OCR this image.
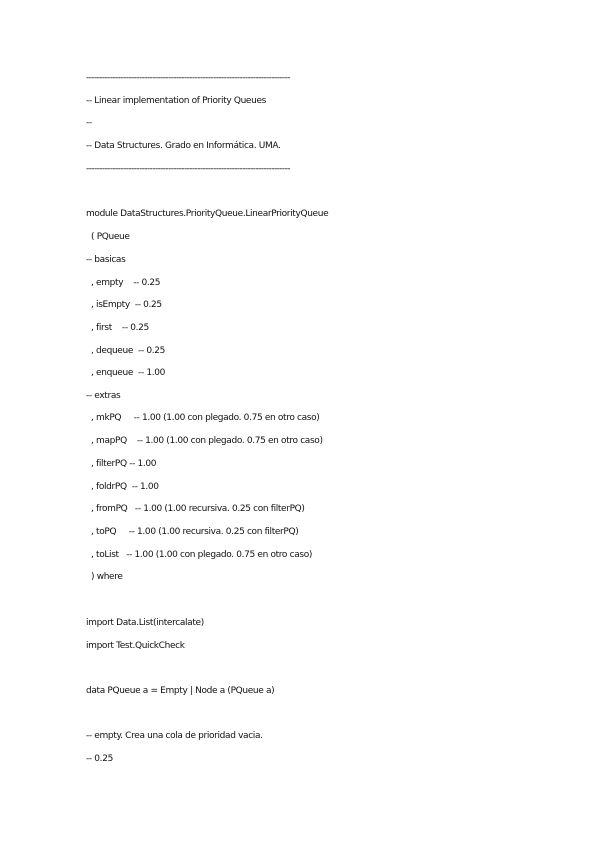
-----------------------------------------------------------------------------

-- Linear implementation of Priority Queues

--

-- Data Structures. Grado en Informática. UMA.

-----------------------------------------------------------------------------

module DataStructures.PriorityQueue.LinearPriorityQueue

( PQueue

-- basicas

, empty    -- 0.25

, isEmpty  -- 0.25

, first    -- 0.25

, dequeue  -- 0.25

, enqueue  -- 1.00

-- extras

, mkPQ     -- 1.00 (1.00 con plegado. 0.75 en otro caso)

, mapPQ    -- 1.00 (1.00 con plegado. 0.75 en otro caso)

, filterPQ -- 1.00

, foldrPQ  -- 1.00

, fromPQ   -- 1.00 (1.00 recursiva. 0.25 con filterPQ)

, toPQ     -- 1.00 (1.00 recursiva. 0.25 con filterPQ)

, toList   -- 1.00 (1.00 con plegado. 0.75 en otro caso)

) where

import Data.List(intercalate)

import Test.QuickCheck

data PQueue a = Empty | Node a (PQueue a)

-- empty. Crea una cola de prioridad vacia.

-- 0.25
